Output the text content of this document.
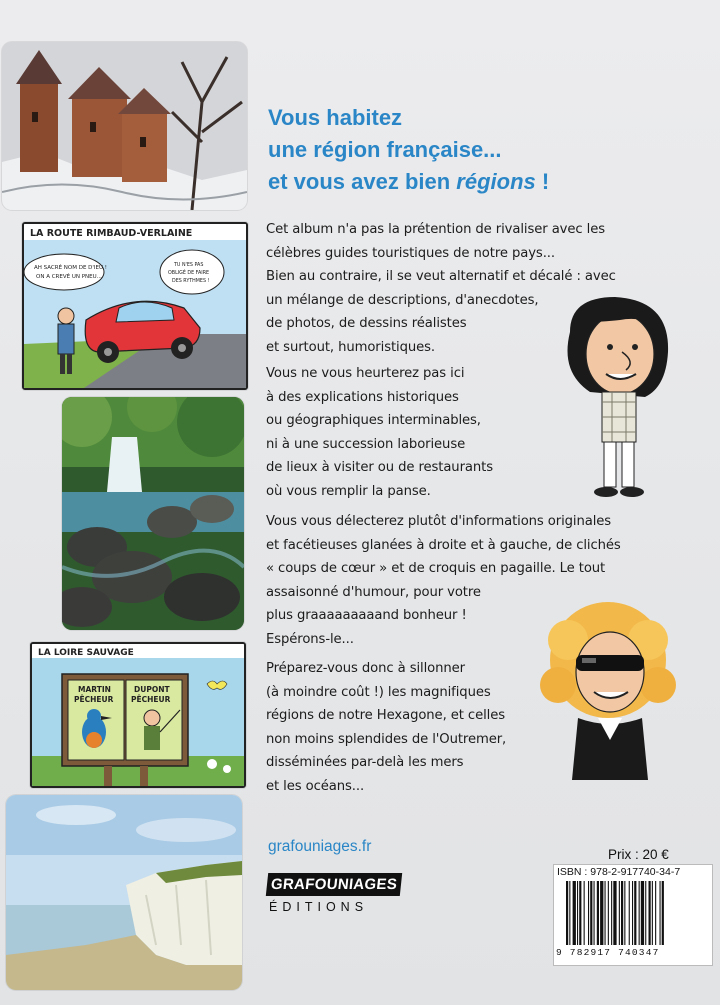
LA ROUTE RIMBAUD-VERLAINE
AH SACRÉ NOM DE D'IEU !
ON A CREVÉ UN PNEU...
TU N'ES PAS
OBLIGÉ DE FAIRE
DES RYTHMES !
LA LOIRE SAUVAGE
MARTIN
PÊCHEUR
DUPONT
PÊCHEUR
Vous habitez
une région française...
et vous avez bien régions !
Cet album n'a pas la prétention de rivaliser avec les
célèbres guides touristiques de notre pays...
Bien au contraire, il se veut alternatif et décalé : avec
un mélange de descriptions, d'anecdotes,
de photos, de dessins réalistes
et surtout, humoristiques.
Vous ne vous heurterez pas ici
à des explications historiques
ou géographiques interminables,
ni à une succession laborieuse
de lieux à visiter ou de restaurants
où vous remplir la panse.
Vous vous délecterez plutôt d'informations originales
et facétieuses glanées à droite et à gauche, de clichés
« coups de cœur » et de croquis en pagaille. Le tout
assaisonné d'humour, pour votre
plus graaaaaaaaand bonheur !
Espérons-le...
Préparez-vous donc à sillonner
(à moindre coût !) les magnifiques
régions de notre Hexagone, et celles
non moins splendides de l'Outremer,
disséminées par-delà les mers
et les océans...
grafouniages.fr
GRAFOUNIAGES
ÉDITIONS
Prix : 20 €
ISBN : 978-2-917740-34-7
9 782917 740347
